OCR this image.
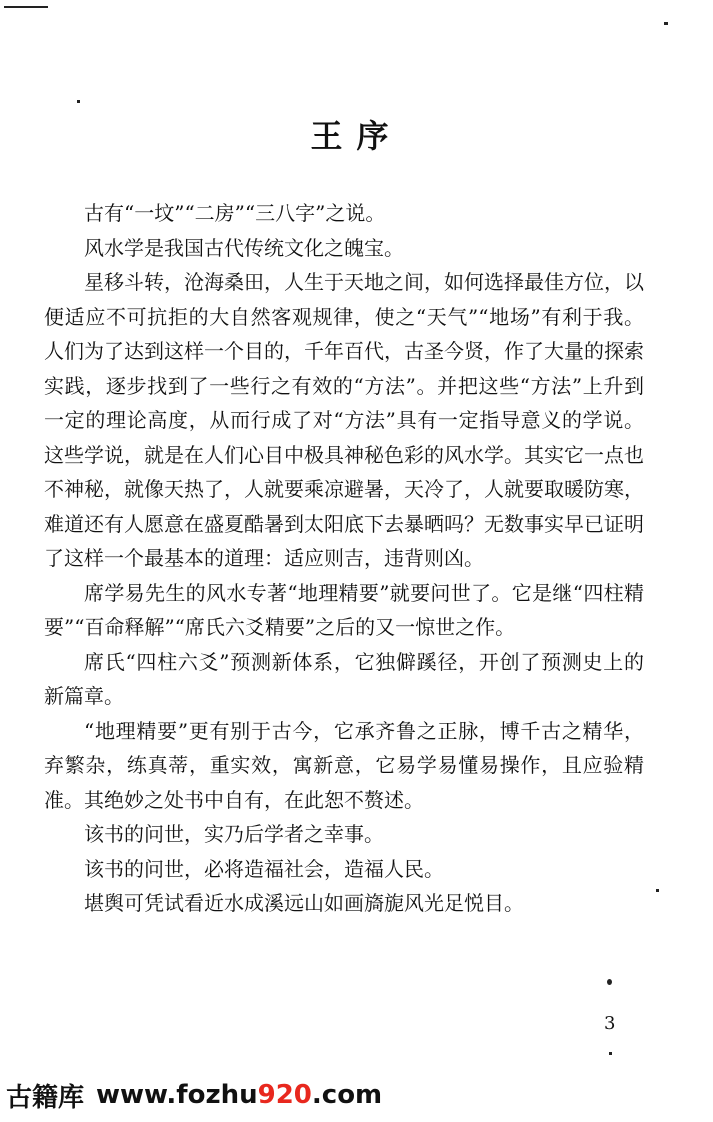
王序

古有“一坟”“二房”“三八字”之说。

风水学是我国古代传统文化之魄宝。

星移斗转，沧海桑田，人生于天地之间，如何选择最佳方位，以便适应不可抗拒的大自然客观规律，使之“天气”“地场”有利于我。人们为了达到这样一个目的，千年百代，古圣今贤，作了大量的探索实践，逐步找到了一些行之有效的“方法”。并把这些“方法”上升到一定的理论高度，从而行成了对“方法”具有一定指导意义的学说。这些学说，就是在人们心目中极具神秘色彩的风水学。其实它一点也不神秘，就像天热了，人就要乘凉避暑，天冷了，人就要取暖防寒，难道还有人愿意在盛夏酷暑到太阳底下去暴晒吗？无数事实早已证明了这样一个最基本的道理：适应则吉，违背则凶。

席学易先生的风水专著“地理精要”就要问世了。它是继“四柱精要”“百命释解”“席氏六爻精要”之后的又一惊世之作。

席氏“四柱六爻”预测新体系，它独僻蹊径，开创了预测史上的新篇章。

“地理精要”更有别于古今，它承齐鲁之正脉，博千古之精华，弃繁杂，练真蒂，重实效，寓新意，它易学易懂易操作，且应验精准。其绝妙之处书中自有，在此恕不赘述。

该书的问世，实乃后学者之幸事。

该书的问世，必将造福社会，造福人民。

堪舆可凭试看近水成溪远山如画旖旎风光足悦目。

3
古籍库 www.fozhu920.com
